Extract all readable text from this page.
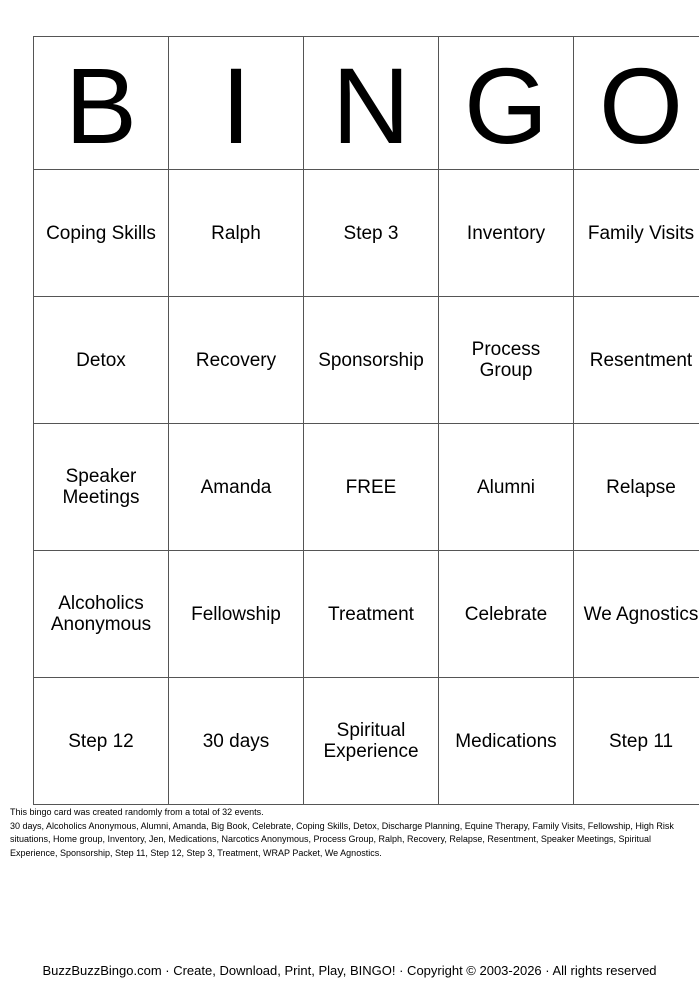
B	I	N	G	O
Coping Skills	Ralph	Step 3	Inventory	Family Visits
Detox	Recovery	Sponsorship	Process Group	Resentment
Speaker Meetings	Amanda	FREE	Alumni	Relapse
Alcoholics Anonymous	Fellowship	Treatment	Celebrate	We Agnostics
Step 12	30 days	Spiritual Experience	Medications	Step 11

This bingo card was created randomly from a total of 32 events.

30 days, Alcoholics Anonymous, Alumni, Amanda, Big Book, Celebrate, Coping Skills, Detox, Discharge Planning, Equine Therapy, Family Visits, Fellowship, High Risk situations, Home group, Inventory, Jen, Medications, Narcotics Anonymous, Process Group, Ralph, Recovery, Relapse, Resentment, Speaker Meetings, Spiritual Experience, Sponsorship, Step 11, Step 12, Step 3, Treatment, WRAP Packet, We Agnostics.

BuzzBuzzBingo.com · Create, Download, Print, Play, BINGO! · Copyright © 2003-2026 · All rights reserved
